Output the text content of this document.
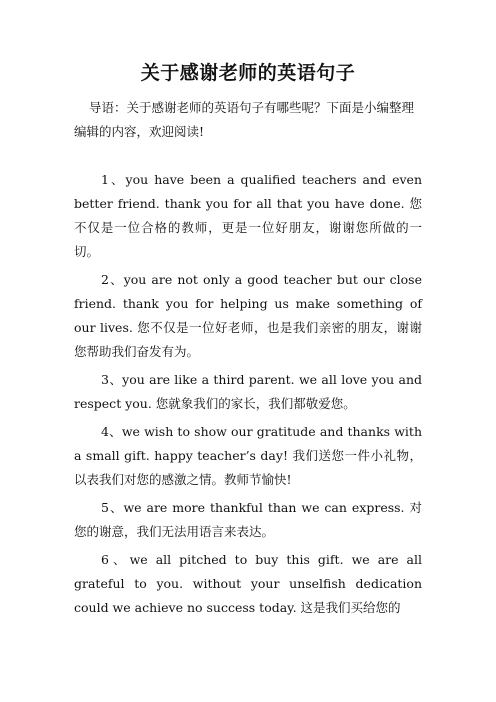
关于感谢老师的英语句子

导语：关于感谢老师的英语句子有哪些呢？下面是小编整理编辑的内容，欢迎阅读!

1、you have been a qualified teachers and even better friend. thank you for all that you have done. 您不仅是一位合格的教师，更是一位好朋友，谢谢您所做的一切。

2、you are not only a good teacher but our close friend. thank you for helping us make something of our lives. 您不仅是一位好老师，也是我们亲密的朋友，谢谢您帮助我们奋发有为。

3、you are like a third parent. we all love you and respect you. 您就象我们的家长，我们都敬爱您。

4、we wish to show our gratitude and thanks with a small gift. happy teacher’s day! 我们送您一件小礼物，以表我们对您的感激之情。教师节愉快!

5、we are more thankful than we can express. 对您的谢意，我们无法用语言来表达。

6、we all pitched to buy this gift. we are all grateful to you. without your unselfish dedication could we achieve no success today. 这是我们买给您的
